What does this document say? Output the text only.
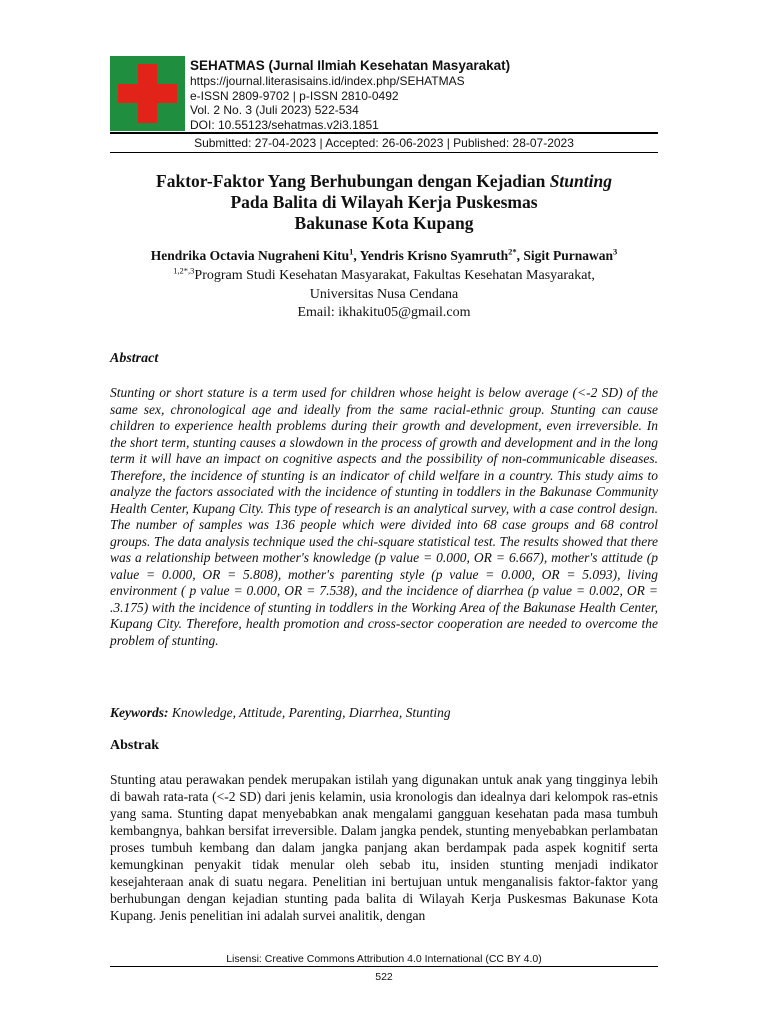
SEHATMAS (Jurnal Ilmiah Kesehatan Masyarakat)
https://journal.literasisains.id/index.php/SEHATMAS
e-ISSN 2809-9702 | p-ISSN 2810-0492
Vol. 2 No. 3 (Juli 2023) 522-534
DOI: 10.55123/sehatmas.v2i3.1851
Submitted: 27-04-2023 | Accepted: 26-06-2023 | Published: 28-07-2023
Faktor-Faktor Yang Berhubungan dengan Kejadian Stunting
Pada Balita di Wilayah Kerja Puskesmas
Bakunase Kota Kupang
Hendrika Octavia Nugraheni Kitu$^1$, Yendris Krisno Syamruth$^{2*}$, Sigit Purnawan$^3$
$^{1,2*,3}$Program Studi Kesehatan Masyarakat, Fakultas Kesehatan Masyarakat,
Universitas Nusa Cendana
Email: ikhakitu05@gmail.com
Abstract
Stunting or short stature is a term used for children whose height is below average (<-2 SD) of the same sex, chronological age and ideally from the same racial-ethnic group. Stunting can cause children to experience health problems during their growth and development, even irreversible. In the short term, stunting causes a slowdown in the process of growth and development and in the long term it will have an impact on cognitive aspects and the possibility of non-communicable diseases. Therefore, the incidence of stunting is an indicator of child welfare in a country. This study aims to analyze the factors associated with the incidence of stunting in toddlers in the Bakunase Community Health Center, Kupang City. This type of research is an analytical survey, with a case control design. The number of samples was 136 people which were divided into 68 case groups and 68 control groups. The data analysis technique used the chi-square statistical test. The results showed that there was a relationship between mother's knowledge (p value = 0.000, OR = 6.667), mother's attitude (p value = 0.000, OR = 5.808), mother's parenting style (p value = 0.000, OR = 5.093), living environment ( p value = 0.000, OR = 7.538), and the incidence of diarrhea (p value = 0.002, OR = .3.175) with the incidence of stunting in toddlers in the Working Area of the Bakunase Health Center, Kupang City. Therefore, health promotion and cross-sector cooperation are needed to overcome the problem of stunting.
Keywords: Knowledge, Attitude, Parenting, Diarrhea, Stunting
Abstrak
Stunting atau perawakan pendek merupakan istilah yang digunakan untuk anak yang tingginya lebih di bawah rata-rata (<-2 SD) dari jenis kelamin, usia kronologis dan idealnya dari kelompok ras-etnis yang sama. Stunting dapat menyebabkan anak mengalami gangguan kesehatan pada masa tumbuh kembangnya, bahkan bersifat irreversible. Dalam jangka pendek, stunting menyebabkan perlambatan proses tumbuh kembang dan dalam jangka panjang akan berdampak pada aspek kognitif serta kemungkinan penyakit tidak menular oleh sebab itu, insiden stunting menjadi indikator kesejahteraan anak di suatu negara. Penelitian ini bertujuan untuk menganalisis faktor-faktor yang berhubungan dengan kejadian stunting pada balita di Wilayah Kerja Puskesmas Bakunase Kota Kupang. Jenis penelitian ini adalah survei analitik, dengan
Lisensi: Creative Commons Attribution 4.0 International (CC BY 4.0)
522
